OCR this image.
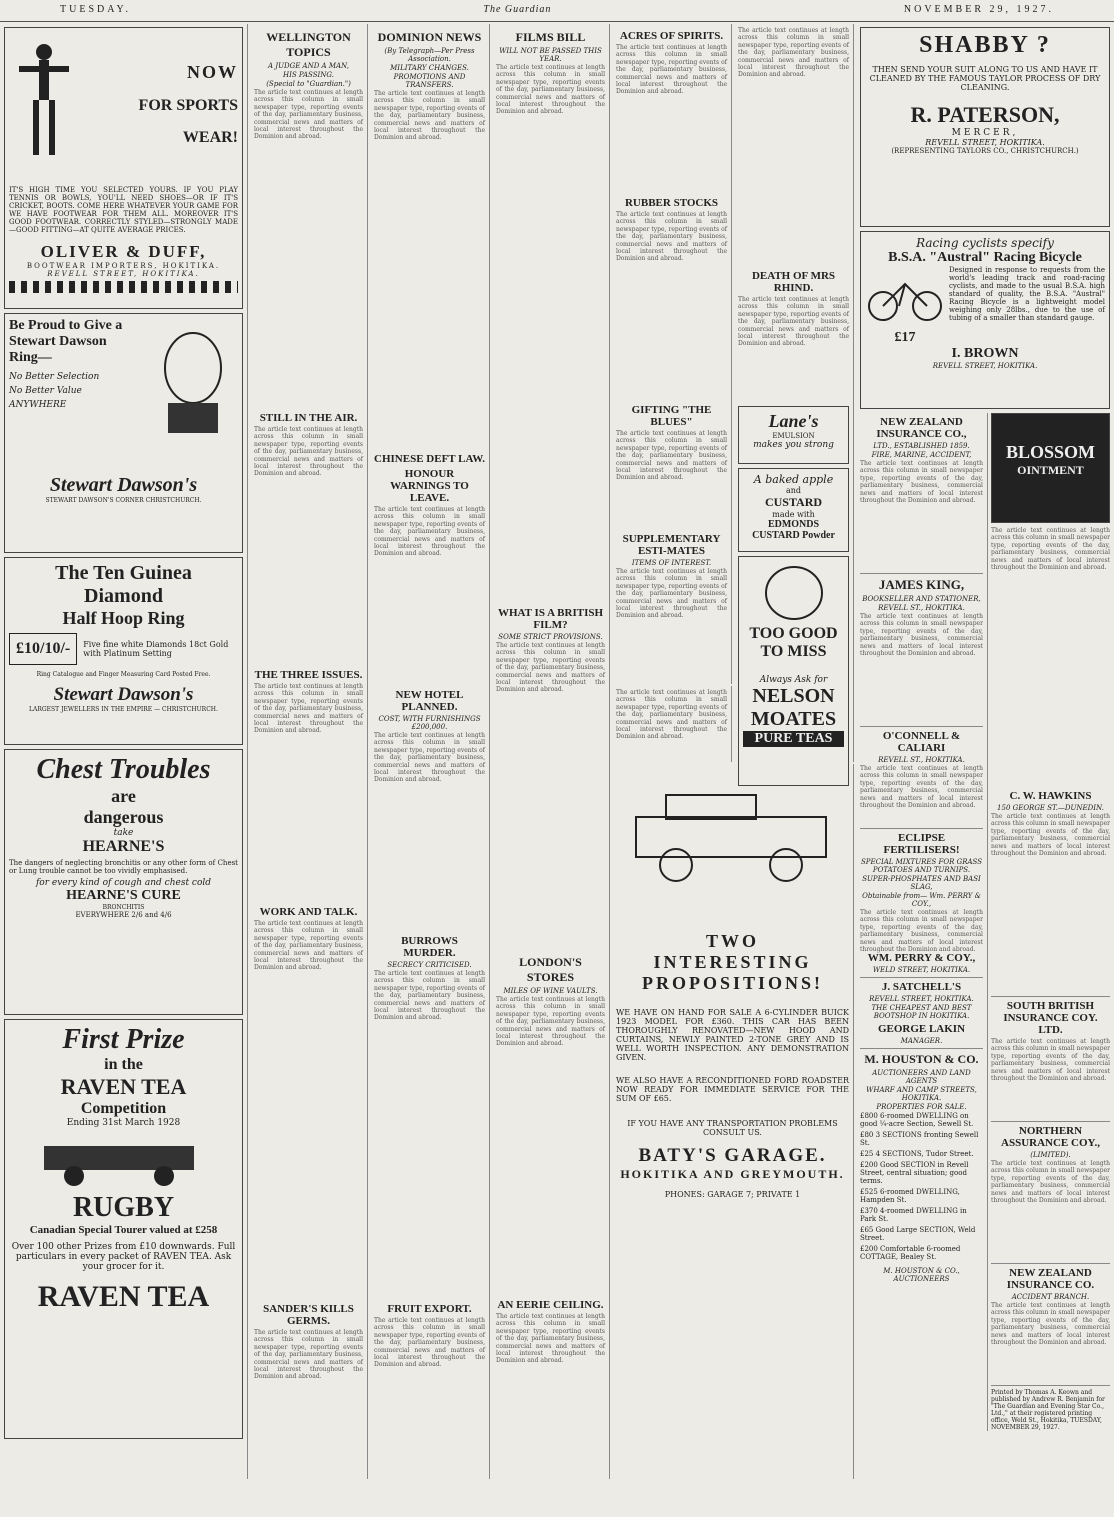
TUESDAY.	The Guardian	NOVEMBER 29, 1927.
NOW
FOR SPORTS
WEAR!
IT'S HIGH TIME YOU SELECTED YOURS. IF YOU PLAY TENNIS OR BOWLS, YOU'LL NEED SHOES—OR IF IT'S CRICKET, BOOTS. COME HERE WHATEVER YOUR GAME FOR WE HAVE FOOTWEAR FOR THEM ALL. MOREOVER IT'S GOOD FOOTWEAR. CORRECTLY STYLED—STRONGLY MADE—GOOD FITTING—AT QUITE AVERAGE PRICES.
OLIVER & DUFF,
BOOTWEAR IMPORTERS, HOKITIKA.
REVELL STREET, HOKITIKA.
Be Proud to Give a
Stewart Dawson
Ring—
No Better Selection
No Better Value
ANYWHERE
Stewart Dawson's
STEWART DAWSON'S CORNER CHRISTCHURCH.
The Ten Guinea
Diamond
Half Hoop Ring
£10/10/-	Five fine white Diamonds 18ct Gold with Platinum Setting
Ring Catalogue and Finger Measuring Card Posted Free.
Stewart Dawson's
LARGEST JEWELLERS IN THE EMPIRE — CHRISTCHURCH.
Chest Troubles
are
dangerous
take
HEARNE'S
The dangers of neglecting bronchitis or any other form of Chest or Lung trouble cannot be too vividly emphasised.
for every kind of cough and chest cold
HEARNE'S CURE
BRONCHITIS
EVERYWHERE 2/6 and 4/6
First Prize
in the
RAVEN TEA
Competition
Ending 31st March 1928
RUGBY
Canadian Special Tourer valued at £258
Over 100 other Prizes from £10 downwards. Full particulars in every packet of RAVEN TEA. Ask your grocer for it.
RAVEN TEA
WELLINGTON TOPICS
A JUDGE AND A MAN,
HIS PASSING.
(Special to "Guardian.")
The article text continues at length across this column in small newspaper type, reporting events of the day, parliamentary business, commercial news and matters of local interest throughout the Dominion and abroad.
STILL IN THE AIR.
The article text continues at length across this column in small newspaper type, reporting events of the day, parliamentary business, commercial news and matters of local interest throughout the Dominion and abroad.
THE THREE ISSUES.
The article text continues at length across this column in small newspaper type, reporting events of the day, parliamentary business, commercial news and matters of local interest throughout the Dominion and abroad.
WORK AND TALK.
The article text continues at length across this column in small newspaper type, reporting events of the day, parliamentary business, commercial news and matters of local interest throughout the Dominion and abroad.
SANDER'S KILLS GERMS.
The article text continues at length across this column in small newspaper type, reporting events of the day, parliamentary business, commercial news and matters of local interest throughout the Dominion and abroad.
DOMINION NEWS
(By Telegraph—Per Press Association.
MILITARY CHANGES.
PROMOTIONS AND TRANSFERS.
The article text continues at length across this column in small newspaper type, reporting events of the day, parliamentary business, commercial news and matters of local interest throughout the Dominion and abroad.
CHINESE DEFT LAW.
HONOUR WARNINGS TO LEAVE.
The article text continues at length across this column in small newspaper type, reporting events of the day, parliamentary business, commercial news and matters of local interest throughout the Dominion and abroad.
NEW HOTEL PLANNED.
COST, WITH FURNISHINGS £200,000.
The article text continues at length across this column in small newspaper type, reporting events of the day, parliamentary business, commercial news and matters of local interest throughout the Dominion and abroad.
BURROWS MURDER.
SECRECY CRITICISED.
The article text continues at length across this column in small newspaper type, reporting events of the day, parliamentary business, commercial news and matters of local interest throughout the Dominion and abroad.
FRUIT EXPORT.
The article text continues at length across this column in small newspaper type, reporting events of the day, parliamentary business, commercial news and matters of local interest throughout the Dominion and abroad.
FILMS BILL
WILL NOT BE PASSED THIS YEAR.
The article text continues at length across this column in small newspaper type, reporting events of the day, parliamentary business, commercial news and matters of local interest throughout the Dominion and abroad.
WHAT IS A BRITISH FILM?
SOME STRICT PROVISIONS.
The article text continues at length across this column in small newspaper type, reporting events of the day, parliamentary business, commercial news and matters of local interest throughout the Dominion and abroad.
LONDON'S STORES
MILES OF WINE VAULTS.
The article text continues at length across this column in small newspaper type, reporting events of the day, parliamentary business, commercial news and matters of local interest throughout the Dominion and abroad.
AN EERIE CEILING.
The article text continues at length across this column in small newspaper type, reporting events of the day, parliamentary business, commercial news and matters of local interest throughout the Dominion and abroad.
ACRES OF SPIRITS.
The article text continues at length across this column in small newspaper type, reporting events of the day, parliamentary business, commercial news and matters of local interest throughout the Dominion and abroad.
RUBBER STOCKS
The article text continues at length across this column in small newspaper type, reporting events of the day, parliamentary business, commercial news and matters of local interest throughout the Dominion and abroad.
GIFTING "THE BLUES"
The article text continues at length across this column in small newspaper type, reporting events of the day, parliamentary business, commercial news and matters of local interest throughout the Dominion and abroad.
SUPPLEMENTARY ESTI-MATES
ITEMS OF INTEREST.
The article text continues at length across this column in small newspaper type, reporting events of the day, parliamentary business, commercial news and matters of local interest throughout the Dominion and abroad.
The article text continues at length across this column in small newspaper type, reporting events of the day, parliamentary business, commercial news and matters of local interest throughout the Dominion and abroad.
The article text continues at length across this column in small newspaper type, reporting events of the day, parliamentary business, commercial news and matters of local interest throughout the Dominion and abroad.
DEATH OF MRS RHIND.
The article text continues at length across this column in small newspaper type, reporting events of the day, parliamentary business, commercial news and matters of local interest throughout the Dominion and abroad.
Lane's
EMULSION
makes you strong
A baked apple
and
CUSTARD
made with
EDMONDS CUSTARD Powder
TOO GOOD
TO MISS
Always Ask for
NELSON MOATES
PURE TEAS
TWO
INTERESTING
PROPOSITIONS!
WE HAVE ON HAND FOR SALE A 6-CYLINDER BUICK 1923 MODEL FOR £360. THIS CAR HAS BEEN THOROUGHLY RENOVATED—NEW HOOD AND CURTAINS, NEWLY PAINTED 2-TONE GREY AND IS WELL WORTH INSPECTION. ANY DEMONSTRATION GIVEN.
WE ALSO HAVE A RECONDITIONED FORD ROADSTER NOW READY FOR IMMEDIATE SERVICE FOR THE SUM OF £65.
IF YOU HAVE ANY TRANSPORTATION PROBLEMS CONSULT US.
BATY'S GARAGE.
HOKITIKA AND GREYMOUTH.
PHONES: GARAGE 7; PRIVATE 1
SHABBY ?
THEN SEND YOUR SUIT ALONG TO US AND HAVE IT CLEANED BY THE FAMOUS TAYLOR PROCESS OF DRY CLEANING.
R. PATERSON,
MERCER,
REVELL STREET, HOKITIKA.
(REPRESENTING TAYLORS CO., CHRISTCHURCH.)
Racing cyclists specify
B.S.A. "Austral" Racing Bicycle
£17
Designed in response to requests from the world's leading track and road-racing cyclists, and made to the usual B.S.A. high standard of quality, the B.S.A. "Austral" Racing Bicycle is a lightweight model weighing only 28lbs., due to the use of tubing of a smaller than standard gauge.
I. BROWN
REVELL STREET, HOKITIKA.
NEW ZEALAND INSURANCE CO.,
LTD., ESTABLISHED 1859.
FIRE, MARINE, ACCIDENT,
The article text continues at length across this column in small newspaper type, reporting events of the day, parliamentary business, commercial news and matters of local interest throughout the Dominion and abroad.
JAMES KING,
BOOKSELLER AND STATIONER,
REVELL ST., HOKITIKA.
The article text continues at length across this column in small newspaper type, reporting events of the day, parliamentary business, commercial news and matters of local interest throughout the Dominion and abroad.
O'CONNELL & CALIARI
REVELL ST., HOKITIKA.
The article text continues at length across this column in small newspaper type, reporting events of the day, parliamentary business, commercial news and matters of local interest throughout the Dominion and abroad.
ECLIPSE FERTILISERS!
SPECIAL MIXTURES FOR GRASS POTATOES AND TURNIPS.
SUPER-PHOSPHATES AND BASI SLAG,
Obtainable from— Wm. PERRY & COY.,
The article text continues at length across this column in small newspaper type, reporting events of the day, parliamentary business, commercial news and matters of local interest throughout the Dominion and abroad.
WM. PERRY & COY.,
WELD STREET, HOKITIKA.
J. SATCHELL'S
REVELL STREET, HOKITIKA.
THE CHEAPEST AND BEST BOOTSHOP IN HOKITIKA.
GEORGE LAKIN
MANAGER.
M. HOUSTON & CO.
AUCTIONEERS AND LAND AGENTS
WHARF AND CAMP STREETS, HOKITIKA.
PROPERTIES FOR SALE.
£800 6-roomed DWELLING on good ¼-acre Section, Sewell St.
£80 3 SECTIONS fronting Sewell St.
£25 4 SECTIONS, Tudor Street.
£200 Good SECTION in Revell Street, central situation; good terms.
£525 6-roomed DWELLING, Hampden St.
£370 4-roomed DWELLING in Park St.
£65 Good Large SECTION, Weld Street.
£200 Comfortable 6-roomed COTTAGE, Bealey St.
M. HOUSTON & CO., AUCTIONEERS
BLOSSOM
OINTMENT
The article text continues at length across this column in small newspaper type, reporting events of the day, parliamentary business, commercial news and matters of local interest throughout the Dominion and abroad.
C. W. HAWKINS
150 GEORGE ST.—DUNEDIN.
The article text continues at length across this column in small newspaper type, reporting events of the day, parliamentary business, commercial news and matters of local interest throughout the Dominion and abroad.
SOUTH BRITISH INSURANCE COY. LTD.
The article text continues at length across this column in small newspaper type, reporting events of the day, parliamentary business, commercial news and matters of local interest throughout the Dominion and abroad.
NORTHERN ASSURANCE COY.,
(LIMITED).
The article text continues at length across this column in small newspaper type, reporting events of the day, parliamentary business, commercial news and matters of local interest throughout the Dominion and abroad.
NEW ZEALAND INSURANCE CO.
ACCIDENT BRANCH.
The article text continues at length across this column in small newspaper type, reporting events of the day, parliamentary business, commercial news and matters of local interest throughout the Dominion and abroad.
Printed by Thomas A. Keown and published by Andrew R. Benjamin for "The Guardian and Evening Star Co., Ltd.," at their registered printing office, Weld St., Hokitika, TUESDAY, NOVEMBER 29, 1927.
